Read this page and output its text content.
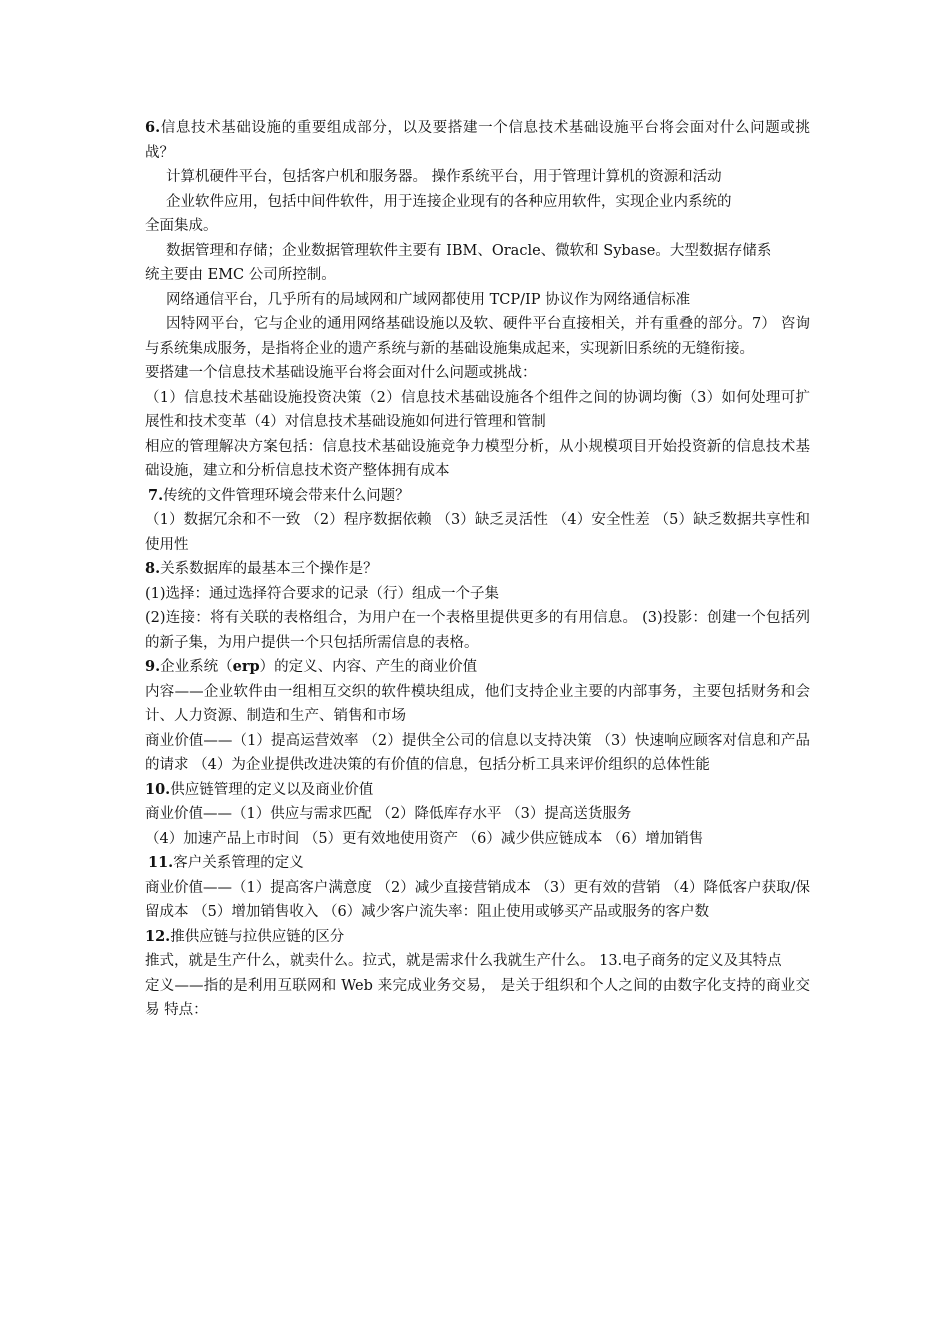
6.信息技术基础设施的重要组成部分，以及要搭建一个信息技术基础设施平台将会面对什么问题或挑战？

计算机硬件平台，包括客户机和服务器。 操作系统平台，用于管理计算机的资源和活动

企业软件应用，包括中间件软件，用于连接企业现有的各种应用软件，实现企业内系统的

全面集成。

数据管理和存储；企业数据管理软件主要有 IBM、Oracle、微软和 Sybase。大型数据存储系

统主要由 EMC 公司所控制。

网络通信平台，几乎所有的局域网和广域网都使用 TCP/IP 协议作为网络通信标准

因特网平台，它与企业的通用网络基础设施以及软、硬件平台直接相关，并有重叠的部分。7） 咨询与系统集成服务，是指将企业的遗产系统与新的基础设施集成起来，实现新旧系统的无缝衔接。

要搭建一个信息技术基础设施平台将会面对什么问题或挑战：

（1）信息技术基础设施投资决策（2）信息技术基础设施各个组件之间的协调均衡（3）如何处理可扩展性和技术变革（4）对信息技术基础设施如何进行管理和管制

相应的管理解决方案包括：信息技术基础设施竞争力模型分析，从小规模项目开始投资新的信息技术基础设施，建立和分析信息技术资产整体拥有成本

7.传统的文件管理环境会带来什么问题？

（1）数据冗余和不一致 （2）程序数据依赖 （3）缺乏灵活性 （4）安全性差 （5）缺乏数据共享性和使用性

8.关系数据库的最基本三个操作是？

(1)选择：通过选择符合要求的记录（行）组成一个子集

(2)连接：将有关联的表格组合，为用户在一个表格里提供更多的有用信息。 (3)投影：创建一个包括列的新子集，为用户提供一个只包括所需信息的表格。

9.企业系统（erp）的定义、内容、产生的商业价值

内容——企业软件由一组相互交织的软件模块组成，他们支持企业主要的内部事务，主要包括财务和会计、人力资源、制造和生产、销售和市场

商业价值——（1）提高运营效率 （2）提供全公司的信息以支持决策 （3）快速响应顾客对信息和产品的请求 （4）为企业提供改进决策的有价值的信息，包括分析工具来评价组织的总体性能

10.供应链管理的定义以及商业价值

商业价值——（1）供应与需求匹配 （2）降低库存水平 （3）提高送货服务

（4）加速产品上市时间 （5）更有效地使用资产 （6）减少供应链成本 （6）增加销售

11.客户关系管理的定义

商业价值——（1）提高客户满意度 （2）减少直接营销成本 （3）更有效的营销 （4）降低客户获取/保留成本 （5）增加销售收入 （6）减少客户流失率：阻止使用或够买产品或服务的客户数

12.推供应链与拉供应链的区分

推式，就是生产什么，就卖什么。拉式，就是需求什么我就生产什么。 13.电子商务的定义及其特点

定义——指的是利用互联网和 Web 来完成业务交易， 是关于组织和个人之间的由数字化支持的商业交易 特点：
